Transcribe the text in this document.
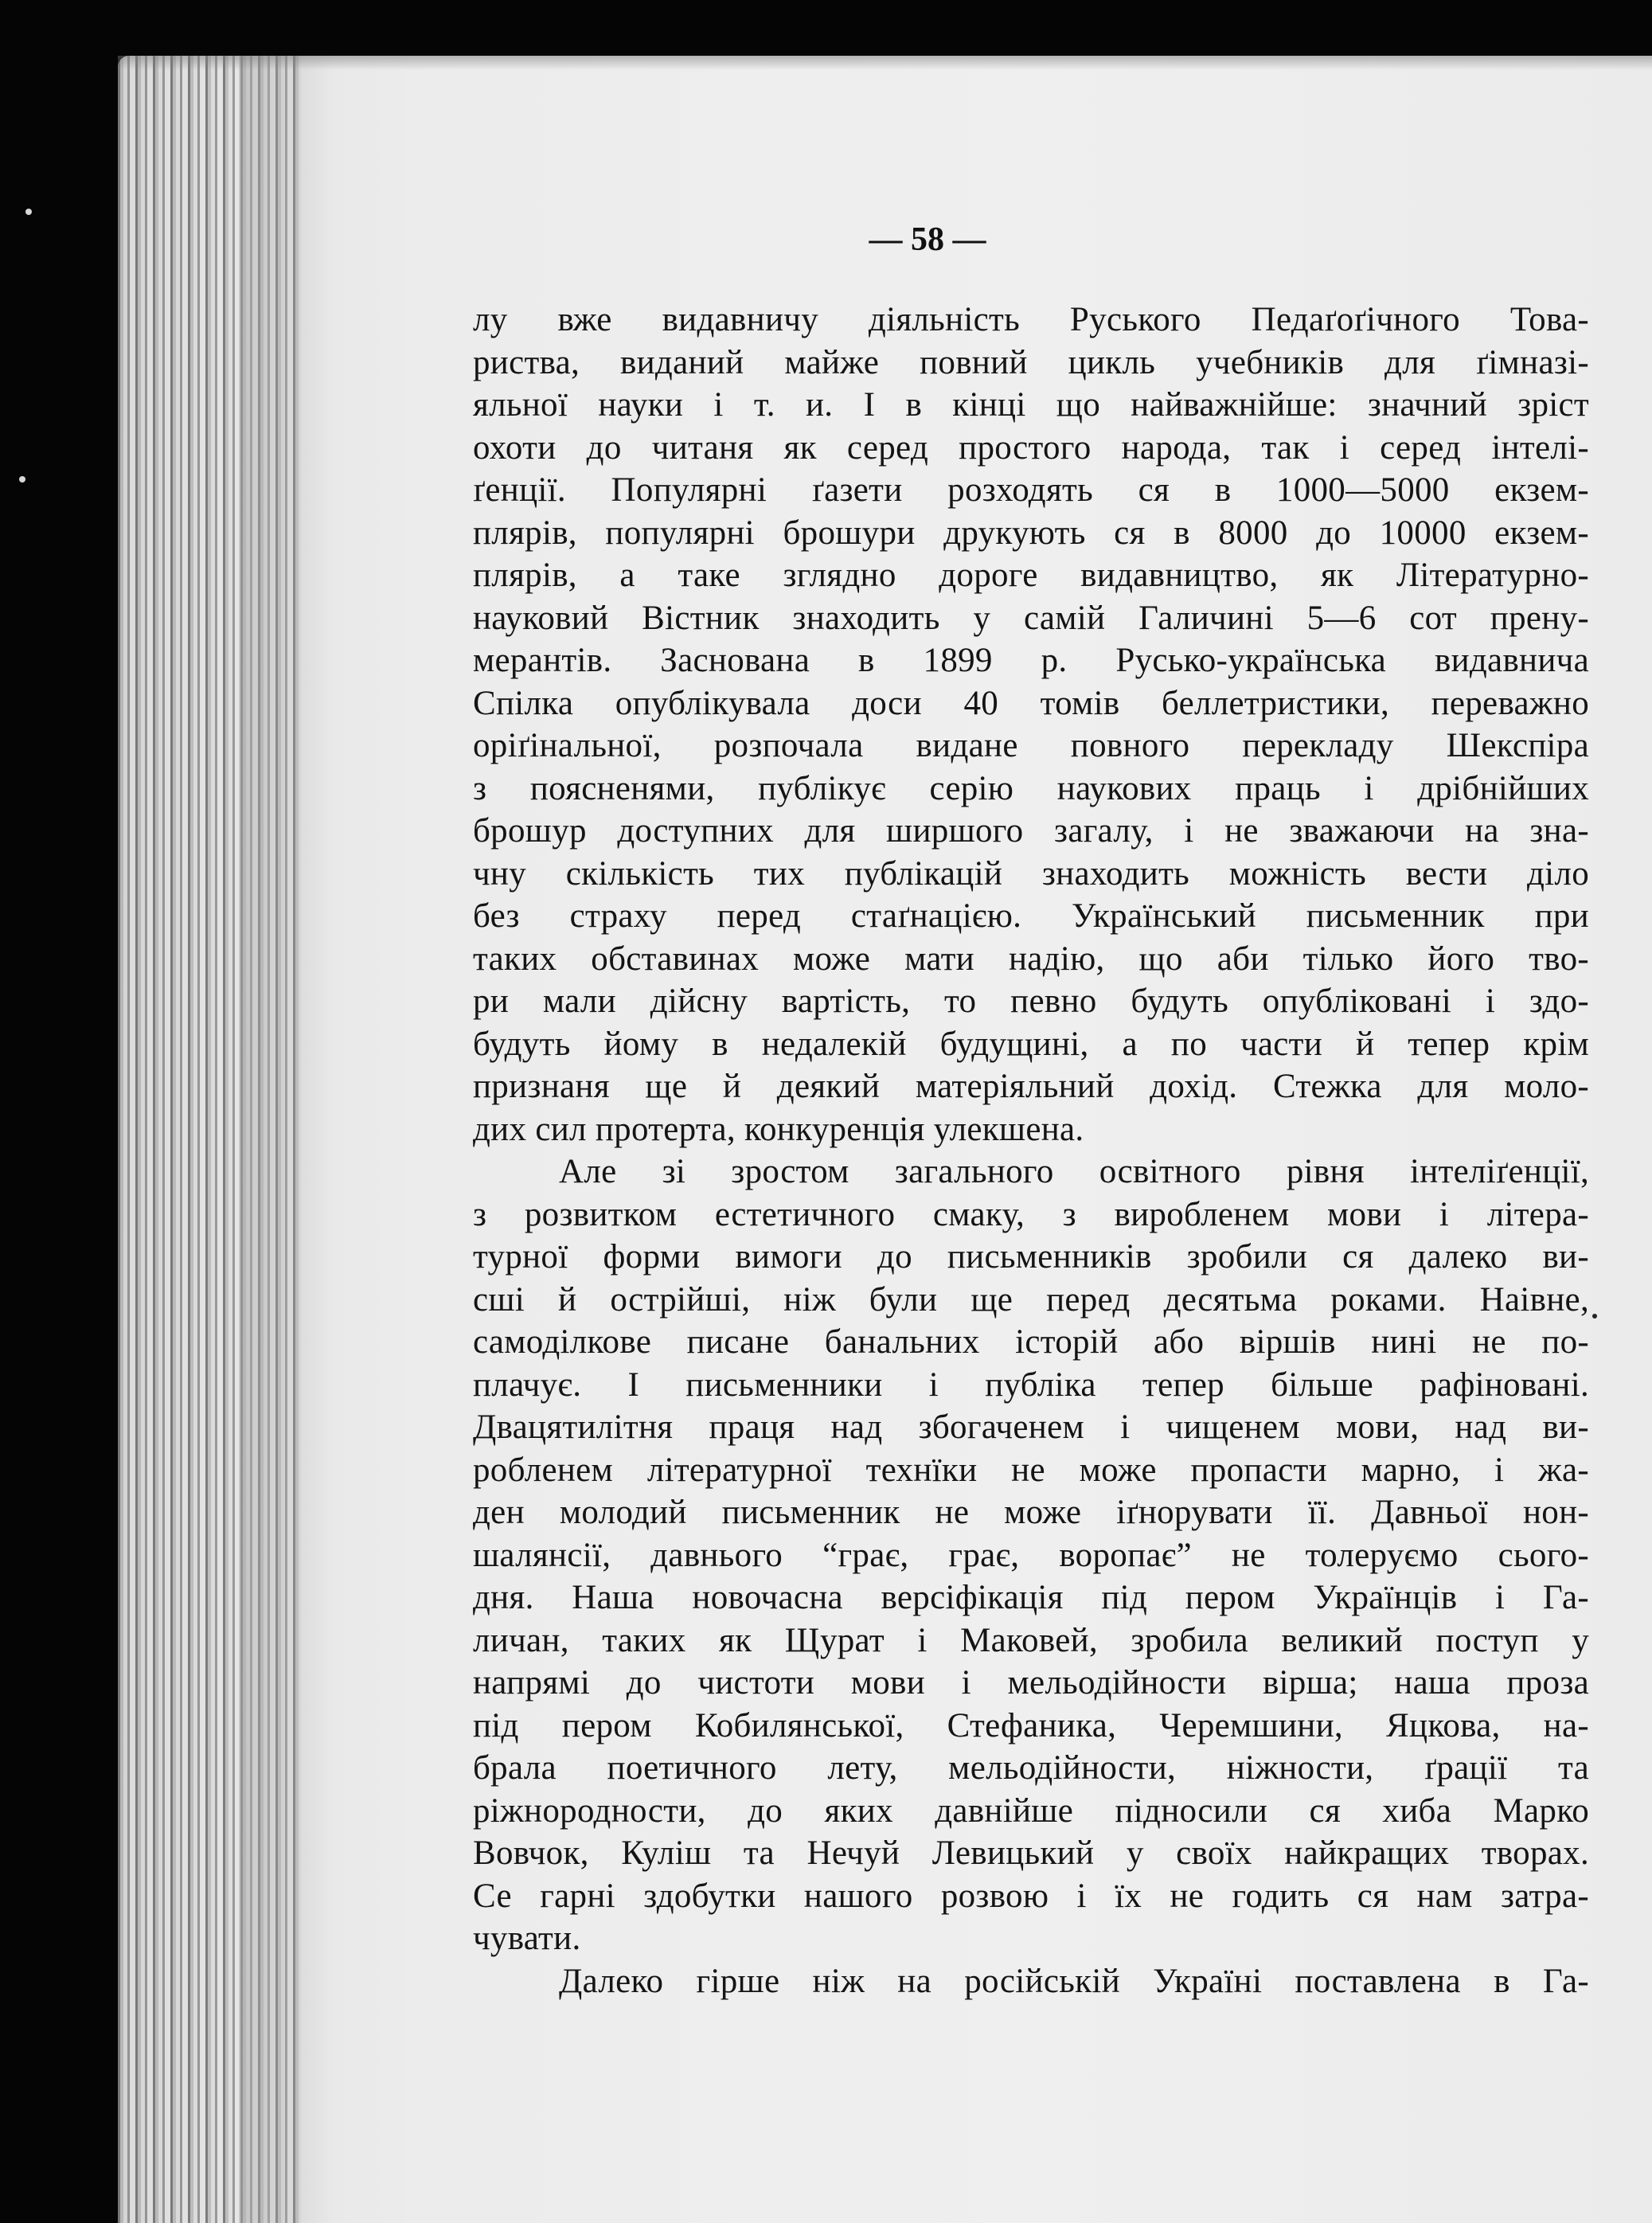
— 58 —
лу вже видавничу діяльність Руського Педаґоґічного Това-
риства, виданий майже повний цикль учебників для ґімназі-
яльної науки і т. и. І в кінці що найважнійше: значний зріст
охоти до читаня як серед простого народа, так і серед інтелі-
ґенції. Популярні ґазети розходять ся в 1000—5000 екзем-
плярів, популярні брошури друкують ся в 8000 до 10000 екзем-
плярів, а таке зглядно дороге видавництво, як Літературно-
науковий Вістник знаходить у самій Галичині 5—6 сот прену-
мерантів. Заснована в 1899 р. Русько-українська видавнича
Спілка опублікувала доси 40 томів беллетристики, переважно
оріґінальної, розпочала видане повного перекладу Шекспіра
з поясненями, публікує серію наукових праць і дрібнійших
брошур доступних для ширшого загалу, і не зважаючи на зна-
чну скількість тих публікацій знаходить можність вести діло
без страху перед стаґнацією. Український письменник при
таких обставинах може мати надію, що аби тілько його тво-
ри мали дійсну вартість, то певно будуть опубліковані і здо-
будуть йому в недалекій будущині, а по части й тепер крім
признаня ще й деякий матеріяльний дохід. Стежка для моло-
дих сил протерта, конкуренція улекшена.
Але зі зростом загального освітного рівня інтеліґенції,
з розвитком естетичного смаку, з виробленем мови і літера-
турної форми вимоги до письменників зробили ся далеко ви-
сші й острійші, ніж були ще перед десятьма роками. Наівне,
самоділкове писане банальних історій або віршів нині не по-
плачує. І письменники і публіка тепер більше рафіновані.
Двацятилітня праця над збогаченем і чищенем мови, над ви-
робленем літературної технїки не може пропасти марно, і жа-
ден молодий письменник не може іґнорувати її. Давньої нон-
шалянсії, давнього “грає, грає, воропає” не толеруємо сього-
дня. Наша новочасна версіфікація під пером Українців і Га-
личан, таких як Щурат і Маковей, зробила великий поступ у
напрямі до чистоти мови і мельодійности вірша; наша проза
під пером Кобилянської, Стефаника, Черемшини, Яцкова, на-
брала поетичного лету, мельодійности, ніжности, ґрації та
ріжнородности, до яких давнійше підносили ся хиба Марко
Вовчок, Куліш та Нечуй Левицький у своїх найкращих творах.
Се гарні здобутки нашого розвою і їх не годить ся нам затра-
чувати.
Далеко гірше ніж на російській Україні поставлена в Га-
